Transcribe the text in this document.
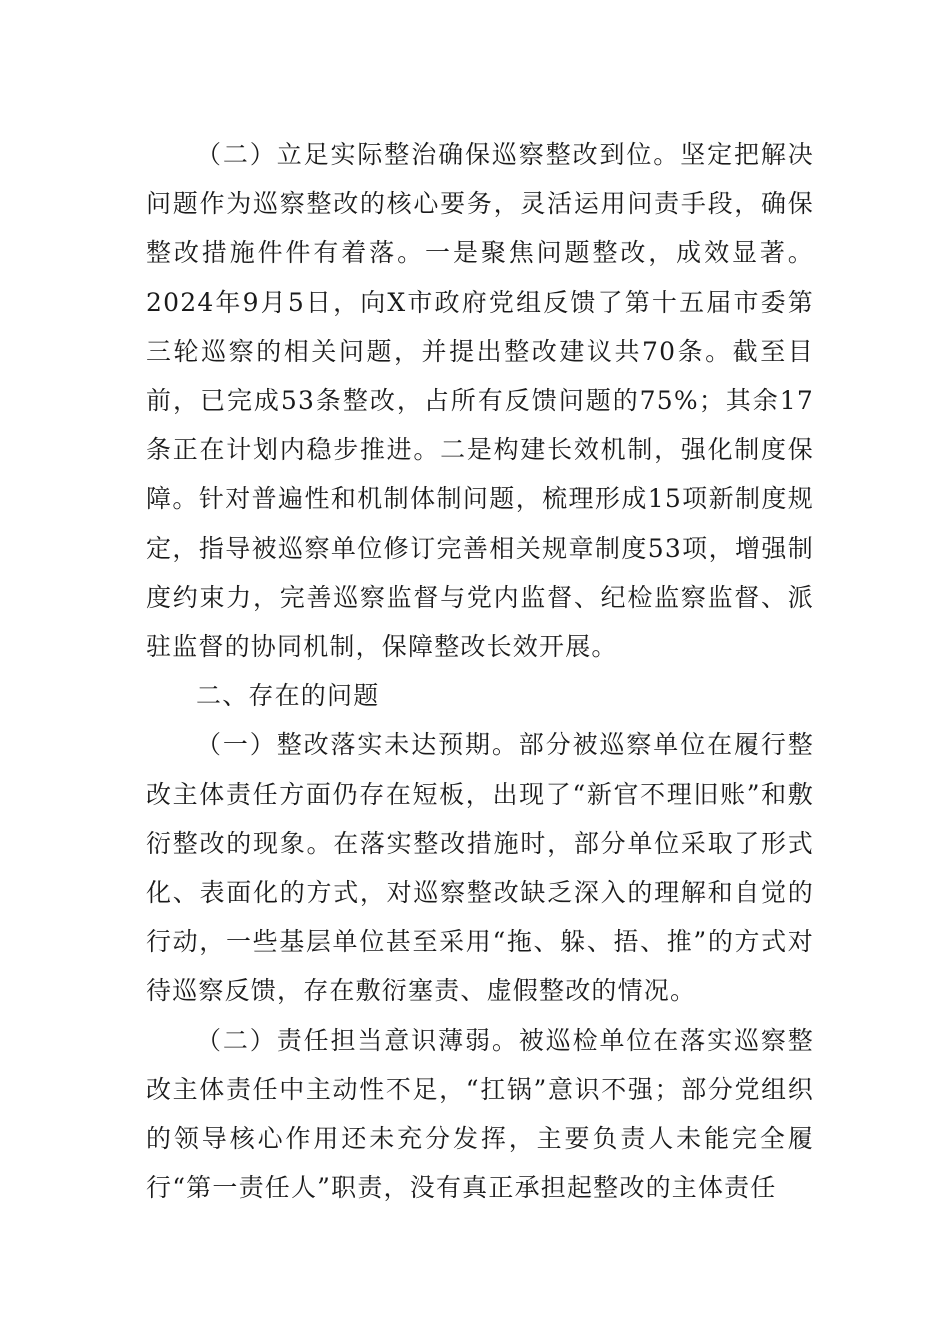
（二）立足实际整治确保巡察整改到位。坚定把解决问题作为巡察整改的核心要务，灵活运用问责手段，确保整改措施件件有着落。一是聚焦问题整改，成效显著。2024年9月5日，向X市政府党组反馈了第十五届市委第三轮巡察的相关问题，并提出整改建议共70条。截至目前，已完成53条整改，占所有反馈问题的75%；其余17条正在计划内稳步推进。二是构建长效机制，强化制度保障。针对普遍性和机制体制问题，梳理形成15项新制度规定，指导被巡察单位修订完善相关规章制度53项，增强制度约束力，完善巡察监督与党内监督、纪检监察监督、派驻监督的协同机制，保障整改长效开展。

二、存在的问题

（一）整改落实未达预期。部分被巡察单位在履行整改主体责任方面仍存在短板，出现了“新官不理旧账”和敷衍整改的现象。在落实整改措施时，部分单位采取了形式化、表面化的方式，对巡察整改缺乏深入的理解和自觉的行动，一些基层单位甚至采用“拖、躲、捂、推”的方式对待巡察反馈，存在敷衍塞责、虚假整改的情况。

（二）责任担当意识薄弱。被巡检单位在落实巡察整改主体责任中主动性不足，“扛锅”意识不强；部分党组织的领导核心作用还未充分发挥，主要负责人未能完全履行“第一责任人”职责，没有真正承担起整改的主体责任
